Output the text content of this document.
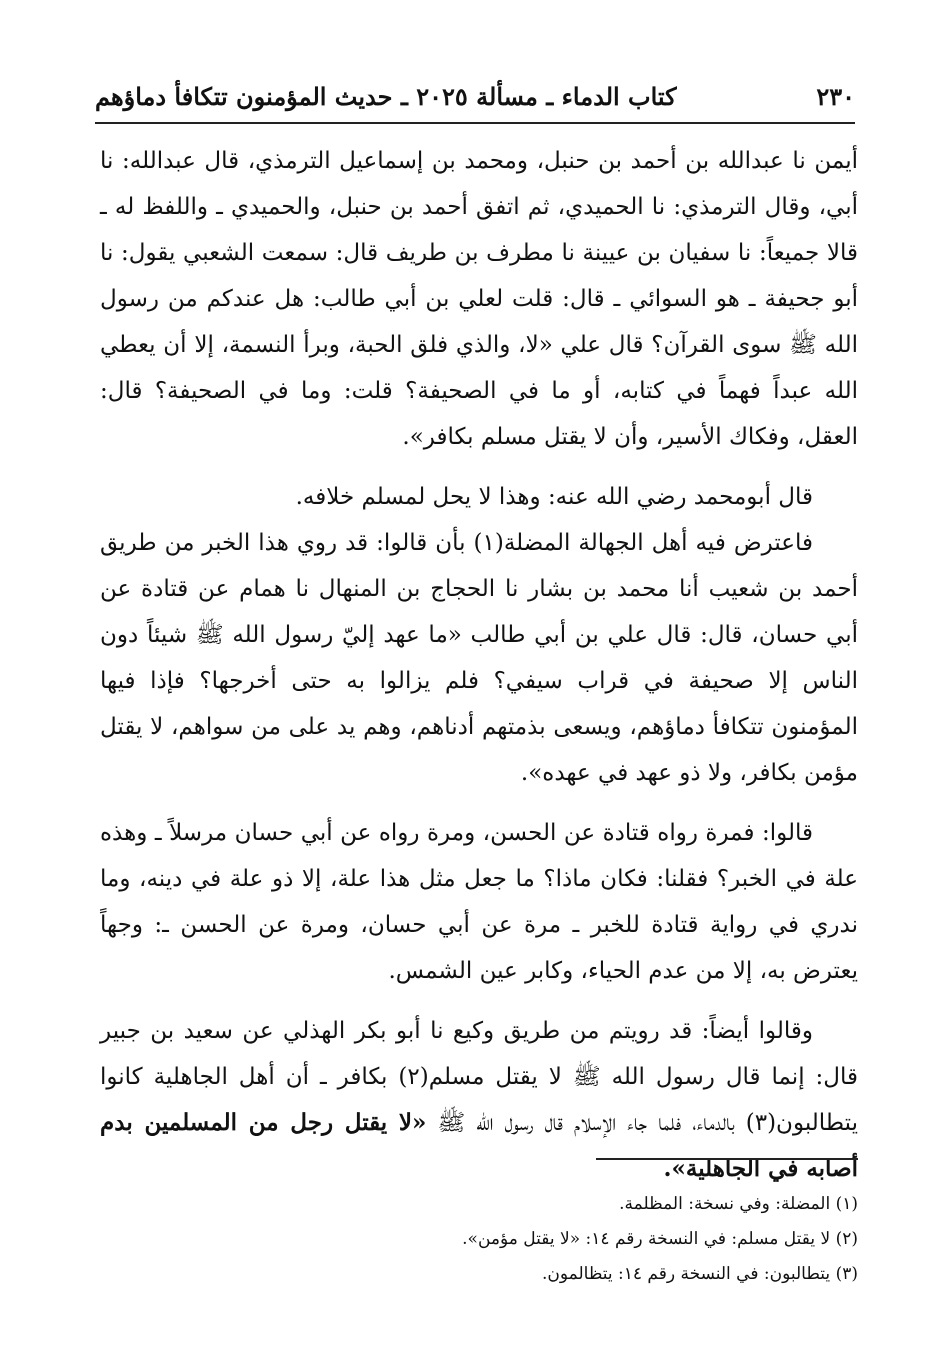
كتاب الدماء ـ مسألة ٢٠٢٥ ـ حديث المؤمنون تتكافأ دماؤهم	٢٣٠

أيمن نا عبدالله بن أحمد بن حنبل، ومحمد بن إسماعيل الترمذي، قال عبدالله: نا أبي، وقال الترمذي: نا الحميدي، ثم اتفق أحمد بن حنبل، والحميدي ـ واللفظ له ـ قالا جميعاً: نا سفيان بن عيينة نا مطرف بن طريف قال: سمعت الشعبي يقول: نا أبو جحيفة ـ هو السوائي ـ قال: قلت لعلي بن أبي طالب: هل عندكم من رسول الله ﷺ سوى القرآن؟ قال علي «لا، والذي فلق الحبة، وبرأ النسمة، إلا أن يعطي الله عبداً فهماً في كتابه، أو ما في الصحيفة؟ قلت: وما في الصحيفة؟ قال: العقل، وفكاك الأسير، وأن لا يقتل مسلم بكافر».

قال أبومحمد رضي الله عنه: وهذا لا يحل لمسلم خلافه.

فاعترض فيه أهل الجهالة المضلة(١) بأن قالوا: قد روي هذا الخبر من طريق أحمد بن شعيب أنا محمد بن بشار نا الحجاج بن المنهال نا همام عن قتادة عن أبي حسان، قال: قال علي بن أبي طالب «ما عهد إليّ رسول الله ﷺ شيئاً دون الناس إلا صحيفة في قراب سيفي؟ فلم يزالوا به حتى أخرجها؟ فإذا فيها المؤمنون تتكافأ دماؤهم، ويسعى بذمتهم أدناهم، وهم يد على من سواهم، لا يقتل مؤمن بكافر، ولا ذو عهد في عهده».

قالوا: فمرة رواه قتادة عن الحسن، ومرة رواه عن أبي حسان مرسلاً ـ وهذه علة في الخبر؟ فقلنا: فكان ماذا؟ ما جعل مثل هذا علة، إلا ذو علة في دينه، وما ندري في رواية قتادة للخبر ـ مرة عن أبي حسان، ومرة عن الحسن ـ: وجهاً يعترض به، إلا من عدم الحياء، وكابر عين الشمس.

وقالوا أيضاً: قد رويتم من طريق وكيع نا أبو بكر الهذلي عن سعيد بن جبير قال: إنما قال رسول الله ﷺ لا يقتل مسلم(٢) بكافر ـ أن أهل الجاهلية كانوا يتطالبون(٣) بالدماء، فلما جاء الإسلام قال رسول الله ﷺ «لا يقتل رجل من المسلمين بدم أصابه في الجاهلية».

(١) المضلة: وفي نسخة: المظلمة.
(٢) لا يقتل مسلم: في النسخة رقم ١٤: «لا يقتل مؤمن».
(٣) يتطالبون: في النسخة رقم ١٤: يتظالمون.
